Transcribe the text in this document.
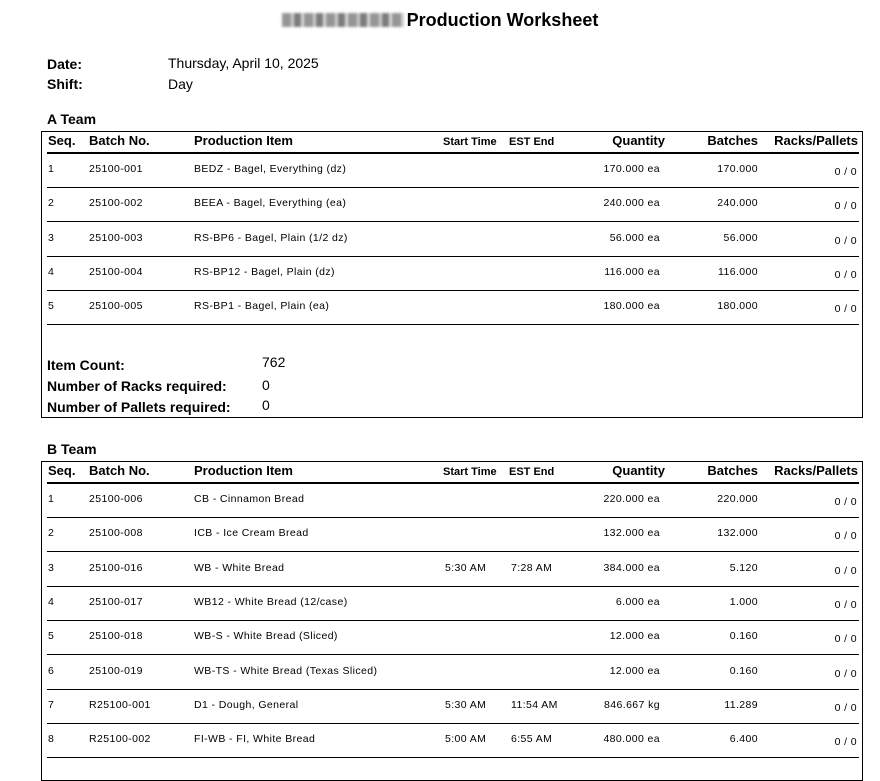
Production Worksheet
Date:	Thursday, April 10, 2025
Shift:	Day
A Team
Seq. Batch No.	Production Item	Start Time EST End	Quantity	Batches Racks/Pallets
1	25100-001	BEDZ - Bagel, Everything (dz)	170.000 ea	170.000	0 / 0
2	25100-002	BEEA - Bagel, Everything (ea)	240.000 ea	240.000	0 / 0
3	25100-003	RS-BP6 - Bagel, Plain (1/2 dz)	56.000 ea	56.000	0 / 0
4	25100-004	RS-BP12 - Bagel, Plain (dz)	116.000 ea	116.000	0 / 0
5	25100-005	RS-BP1 - Bagel, Plain (ea)	180.000 ea	180.000	0 / 0
Item Count:	762
Number of Racks required:	0
Number of Pallets required: 0
B Team
Seq. Batch No.	Production Item	Start Time EST End	Quantity	Batches Racks/Pallets
1	25100-006	CB - Cinnamon Bread	220.000 ea	220.000	0 / 0
2	25100-008	ICB - Ice Cream Bread	132.000 ea	132.000	0 / 0
3	25100-016	WB - White Bread	5:30 AM 7:28 AM	384.000 ea	5.120	0 / 0
4	25100-017	WB12 - White Bread (12/case)	6.000 ea	1.000	0 / 0
5	25100-018	WB-S - White Bread (Sliced)	12.000 ea	0.160	0 / 0
6	25100-019	WB-TS - White Bread (Texas Sliced)	12.000 ea	0.160	0 / 0
7	R25100-001	D1 - Dough, General	5:30 AM 11:54 AM	846.667 kg	11.289	0 / 0
8	R25100-002	FI-WB - FI, White Bread	5:00 AM 6:55 AM	480.000 ea	6.400	0 / 0
